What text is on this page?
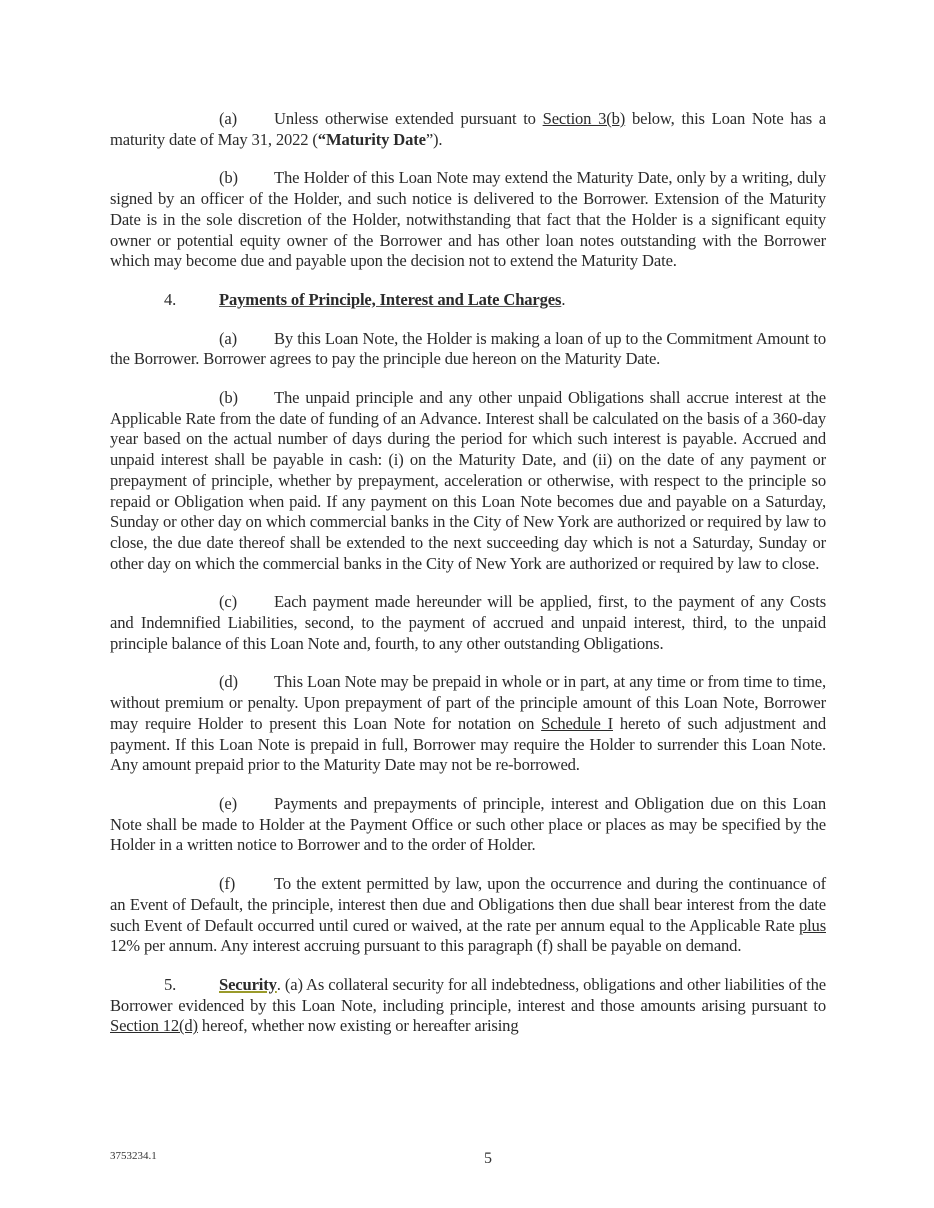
(a) Unless otherwise extended pursuant to Section 3(b) below, this Loan Note has a maturity date of May 31, 2022 (“Maturity Date”).

(b) The Holder of this Loan Note may extend the Maturity Date, only by a writing, duly signed by an officer of the Holder, and such notice is delivered to the Borrower. Extension of the Maturity Date is in the sole discretion of the Holder, notwithstanding that fact that the Holder is a significant equity owner or potential equity owner of the Borrower and has other loan notes outstanding with the Borrower which may become due and payable upon the decision not to extend the Maturity Date.

4.	Payments of Principle, Interest and Late Charges.

(a) By this Loan Note, the Holder is making a loan of up to the Commitment Amount to the Borrower. Borrower agrees to pay the principle due hereon on the Maturity Date.

(b) The unpaid principle and any other unpaid Obligations shall accrue interest at the Applicable Rate from the date of funding of an Advance. Interest shall be calculated on the basis of a 360-day year based on the actual number of days during the period for which such interest is payable. Accrued and unpaid interest shall be payable in cash: (i) on the Maturity Date, and (ii) on the date of any payment or prepayment of principle, whether by prepayment, acceleration or otherwise, with respect to the principle so repaid or Obligation when paid. If any payment on this Loan Note becomes due and payable on a Saturday, Sunday or other day on which commercial banks in the City of New York are authorized or required by law to close, the due date thereof shall be extended to the next succeeding day which is not a Saturday, Sunday or other day on which the commercial banks in the City of New York are authorized or required by law to close.

(c) Each payment made hereunder will be applied, first, to the payment of any Costs and Indemnified Liabilities, second, to the payment of accrued and unpaid interest, third, to the unpaid principle balance of this Loan Note and, fourth, to any other outstanding Obligations.

(d) This Loan Note may be prepaid in whole or in part, at any time or from time to time, without premium or penalty. Upon prepayment of part of the principle amount of this Loan Note, Borrower may require Holder to present this Loan Note for notation on Schedule I hereto of such adjustment and payment. If this Loan Note is prepaid in full, Borrower may require the Holder to surrender this Loan Note. Any amount prepaid prior to the Maturity Date may not be re-borrowed.

(e) Payments and prepayments of principle, interest and Obligation due on this Loan Note shall be made to Holder at the Payment Office or such other place or places as may be specified by the Holder in a written notice to Borrower and to the order of Holder.

(f) To the extent permitted by law, upon the occurrence and during the continuance of an Event of Default, the principle, interest then due and Obligations then due shall bear interest from the date such Event of Default occurred until cured or waived, at the rate per annum equal to the Applicable Rate plus 12% per annum. Any interest accruing pursuant to this paragraph (f) shall be payable on demand.

5.	Security. (a) As collateral security for all indebtedness, obligations and other liabilities of the Borrower evidenced by this Loan Note, including principle, interest and those amounts arising pursuant to Section 12(d) hereof, whether now existing or hereafter arising

3753234.1	5
